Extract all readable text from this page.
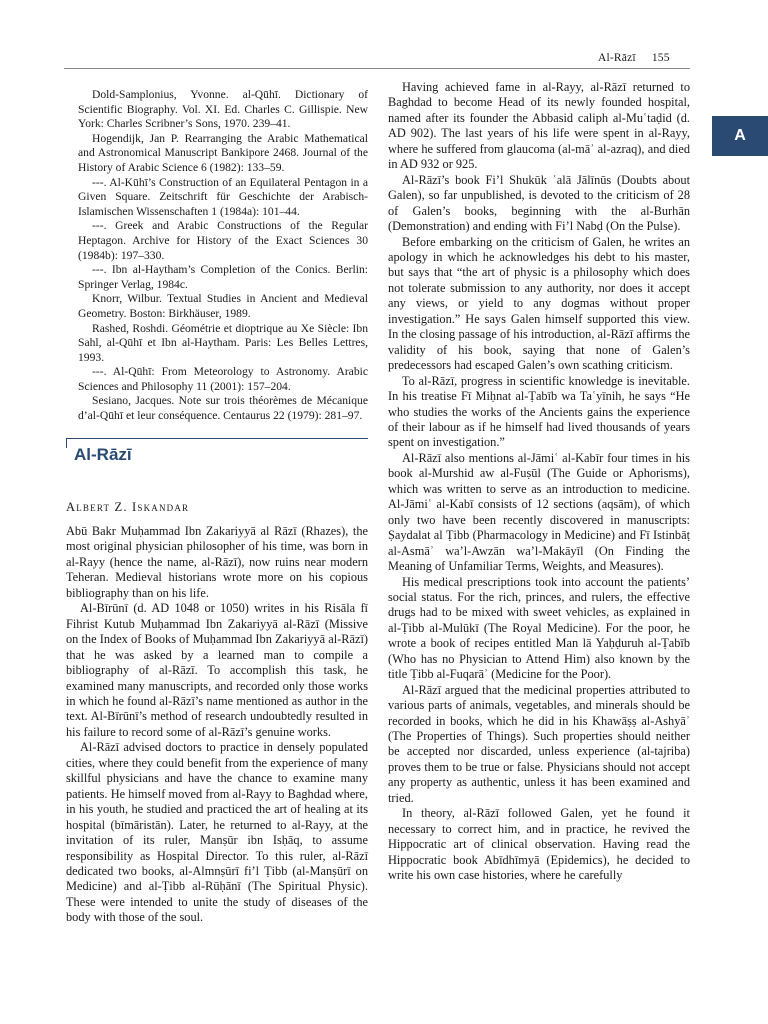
Al-Rāzī 155
A

Dold-Samplonius, Yvonne. al-Qūhī. Dictionary of Scientific Biography. Vol. XI. Ed. Charles C. Gillispie. New York: Charles Scribner’s Sons, 1970. 239–41.

Hogendijk, Jan P. Rearranging the Arabic Mathematical and Astronomical Manuscript Bankipore 2468. Journal of the History of Arabic Science 6 (1982): 133–59.

---. Al-Kūhī’s Construction of an Equilateral Pentagon in a Given Square. Zeitschrift für Geschichte der Arabisch-Islamischen Wissenschaften 1 (1984a): 101–44.

---. Greek and Arabic Constructions of the Regular Heptagon. Archive for History of the Exact Sciences 30 (1984b): 197–330.

---. Ibn al-Haytham’s Completion of the Conics. Berlin: Springer Verlag, 1984c.

Knorr, Wilbur. Textual Studies in Ancient and Medieval Geometry. Boston: Birkhäuser, 1989.

Rashed, Roshdi. Géométrie et dioptrique au Xe Siècle: Ibn Sahl, al-Qūhī et Ibn al-Haytham. Paris: Les Belles Lettres, 1993.

---. Al-Qūhī: From Meteorology to Astronomy. Arabic Sciences and Philosophy 11 (2001): 157–204.

Sesiano, Jacques. Note sur trois théorèmes de Mécanique d’al-Qūhī et leur conséquence. Centaurus 22 (1979): 281–97.

Al-Rāzī
Albert Z. Iskandar

Abū Bakr Muḥammad Ibn Zakariyyā al Rāzī (Rhazes), the most original physician philosopher of his time, was born in al-Rayy (hence the name, al-Rāzī), now ruins near modern Teheran. Medieval historians wrote more on his copious bibliography than on his life.

Al-Bīrūnī (d. AD 1048 or 1050) writes in his Risāla fī Fihrist Kutub Muḥammad Ibn Zakariyyā al-Rāzī (Missive on the Index of Books of Muḥammad Ibn Zakariyyā al-Rāzī) that he was asked by a learned man to compile a bibliography of al-Rāzī. To accomplish this task, he examined many manuscripts, and recorded only those works in which he found al-Rāzī’s name mentioned as author in the text. Al-Bīrūnī’s method of research undoubtedly resulted in his failure to record some of al-Rāzī’s genuine works.

Al-Rāzī advised doctors to practice in densely populated cities, where they could benefit from the experience of many skillful physicians and have the chance to examine many patients. He himself moved from al-Rayy to Baghdad where, in his youth, he studied and practiced the art of healing at its hospital (bīmāristān). Later, he returned to al-Rayy, at the invitation of its ruler, Manṣūr ibn Isḥāq, to assume responsibility as Hospital Director. To this ruler, al-Rāzī dedicated two books, al-Almnṣūrī fi’l Ṭibb (al-Manṣūrī on Medicine) and al-Ṭibb al-Rūḥānī (The Spiritual Physic). These were intended to unite the study of diseases of the body with those of the soul.

Having achieved fame in al-Rayy, al-Rāzī returned to Baghdad to become Head of its newly founded hospital, named after its founder the Abbasid caliph al-Muʿtaḍid (d. AD 902). The last years of his life were spent in al-Rayy, where he suffered from glaucoma (al-māʾ al-azraq), and died in AD 932 or 925.

Al-Rāzī’s book Fi’l Shukūk ʿalā Jālīnūs (Doubts about Galen), so far unpublished, is devoted to the criticism of 28 of Galen’s books, beginning with the al-Burhān (Demonstration) and ending with Fi’l Nabḍ (On the Pulse).

Before embarking on the criticism of Galen, he writes an apology in which he acknowledges his debt to his master, but says that “the art of physic is a philosophy which does not tolerate submission to any authority, nor does it accept any views, or yield to any dogmas without proper investigation.” He says Galen himself supported this view. In the closing passage of his introduction, al-Rāzī affirms the validity of his book, saying that none of Galen’s predecessors had escaped Galen’s own scathing criticism.

To al-Rāzī, progress in scientific knowledge is inevitable. In his treatise Fī Miḥnat al-Ṭabīb wa Taʿyīnih, he says “He who studies the works of the Ancients gains the experience of their labour as if he himself had lived thousands of years spent on investigation.”

Al-Rāzī also mentions al-Jāmiʿ al-Kabīr four times in his book al-Murshid aw al-Fuṣūl (The Guide or Aphorisms), which was written to serve as an introduction to medicine. Al-Jāmiʿ al-Kabī consists of 12 sections (aqsām), of which only two have been recently discovered in manuscripts: Ṣaydalat al Ṭibb (Pharmacology in Medicine) and Fī Istinbāṭ al-Asmāʾ wa’l-Awzān wa’l-Makāyīl (On Finding the Meaning of Unfamiliar Terms, Weights, and Measures).

His medical prescriptions took into account the patients’ social status. For the rich, princes, and rulers, the effective drugs had to be mixed with sweet vehicles, as explained in al-Ṭibb al-Mulūkī (The Royal Medicine). For the poor, he wrote a book of recipes entitled Man lā Yaḥḍuruh al-Ṭabīb (Who has no Physician to Attend Him) also known by the title Ṭibb al-Fuqarāʾ (Medicine for the Poor).

Al-Rāzī argued that the medicinal properties attributed to various parts of animals, vegetables, and minerals should be recorded in books, which he did in his Khawāṣṣ al-Ashyāʾ (The Properties of Things). Such properties should neither be accepted nor discarded, unless experience (al-tajriba) proves them to be true or false. Physicians should not accept any property as authentic, unless it has been examined and tried.

In theory, al-Rāzī followed Galen, yet he found it necessary to correct him, and in practice, he revived the Hippocratic art of clinical observation. Having read the Hippocratic book Abīdhīmyā (Epidemics), he decided to write his own case histories, where he carefully
